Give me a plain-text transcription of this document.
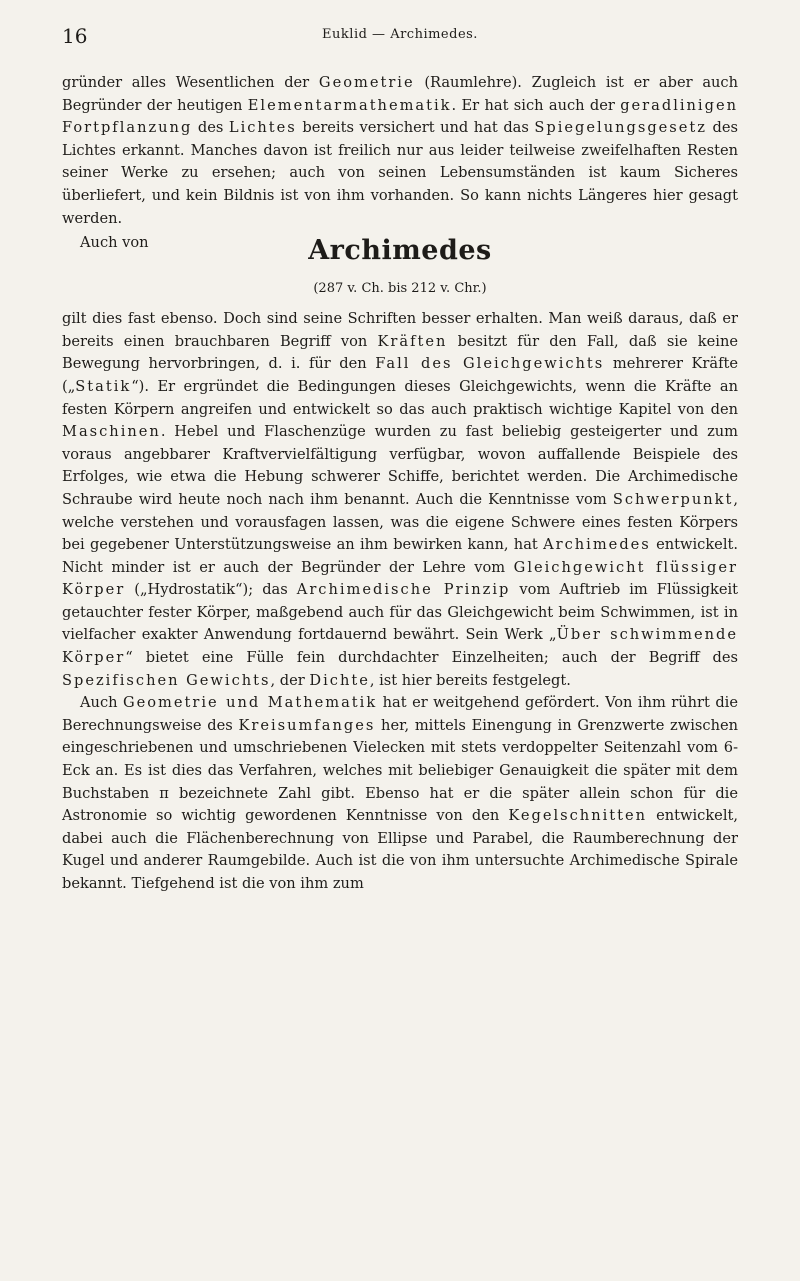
16	Euklid — Archimedes.

gründer alles Wesentlichen der Geometrie (Raumlehre). Zugleich ist er aber auch Begründer der heutigen Elementarmathematik. Er hat sich auch der geradlinigen Fortpflanzung des Lichtes bereits versichert und hat das Spiegelungsgesetz des Lichtes erkannt. Manches davon ist freilich nur aus leider teilweise zweifelhaften Resten seiner Werke zu ersehen; auch von seinen Lebensumständen ist kaum Sicheres überliefert, und kein Bildnis ist von ihm vorhanden. So kann nichts Längeres hier gesagt werden.

Auch von	Archimedes
(287 v. Ch. bis 212 v. Chr.)

gilt dies fast ebenso. Doch sind seine Schriften besser erhalten. Man weiß daraus, daß er bereits einen brauchbaren Begriff von Kräften besitzt für den Fall, daß sie keine Bewegung hervorbringen, d. i. für den Fall des Gleichgewichts mehrerer Kräfte („Statik“). Er ergründet die Bedingungen dieses Gleichgewichts, wenn die Kräfte an festen Körpern angreifen und entwickelt so das auch praktisch wichtige Kapitel von den Maschinen. Hebel und Flaschenzüge wurden zu fast beliebig gesteigerter und zum voraus angebbarer Kraftvervielfältigung verfügbar, wovon auffallende Beispiele des Erfolges, wie etwa die Hebung schwerer Schiffe, berichtet werden. Die Archimedische Schraube wird heute noch nach ihm benannt. Auch die Kenntnisse vom Schwerpunkt, welche verstehen und vorausfagen lassen, was die eigene Schwere eines festen Körpers bei gegebener Unterstützungsweise an ihm bewirken kann, hat Archimedes entwickelt. Nicht minder ist er auch der Begründer der Lehre vom Gleichgewicht flüssiger Körper („Hydrostatik“); das Archimedische Prinzip vom Auftrieb im Flüssigkeit getauchter fester Körper, maßgebend auch für das Gleichgewicht beim Schwimmen, ist in vielfacher exakter Anwendung fortdauernd bewährt. Sein Werk „Über schwimmende Körper“ bietet eine Fülle fein durchdachter Einzelheiten; auch der Begriff des Spezifischen Gewichts, der Dichte, ist hier bereits festgelegt.

Auch Geometrie und Mathematik hat er weitgehend gefördert. Von ihm rührt die Berechnungsweise des Kreisumfanges her, mittels Einengung in Grenzwerte zwischen eingeschriebenen und umschriebenen Vielecken mit stets verdoppelter Seitenzahl vom 6-Eck an. Es ist dies das Verfahren, welches mit beliebiger Genauigkeit die später mit dem Buchstaben π bezeichnete Zahl gibt. Ebenso hat er die später allein schon für die Astronomie so wichtig gewordenen Kenntnisse von den Kegelschnitten entwickelt, dabei auch die Flächenberechnung von Ellipse und Parabel, die Raumberechnung der Kugel und anderer Raumgebilde. Auch ist die von ihm untersuchte Archimedische Spirale bekannt. Tiefgehend ist die von ihm zum
